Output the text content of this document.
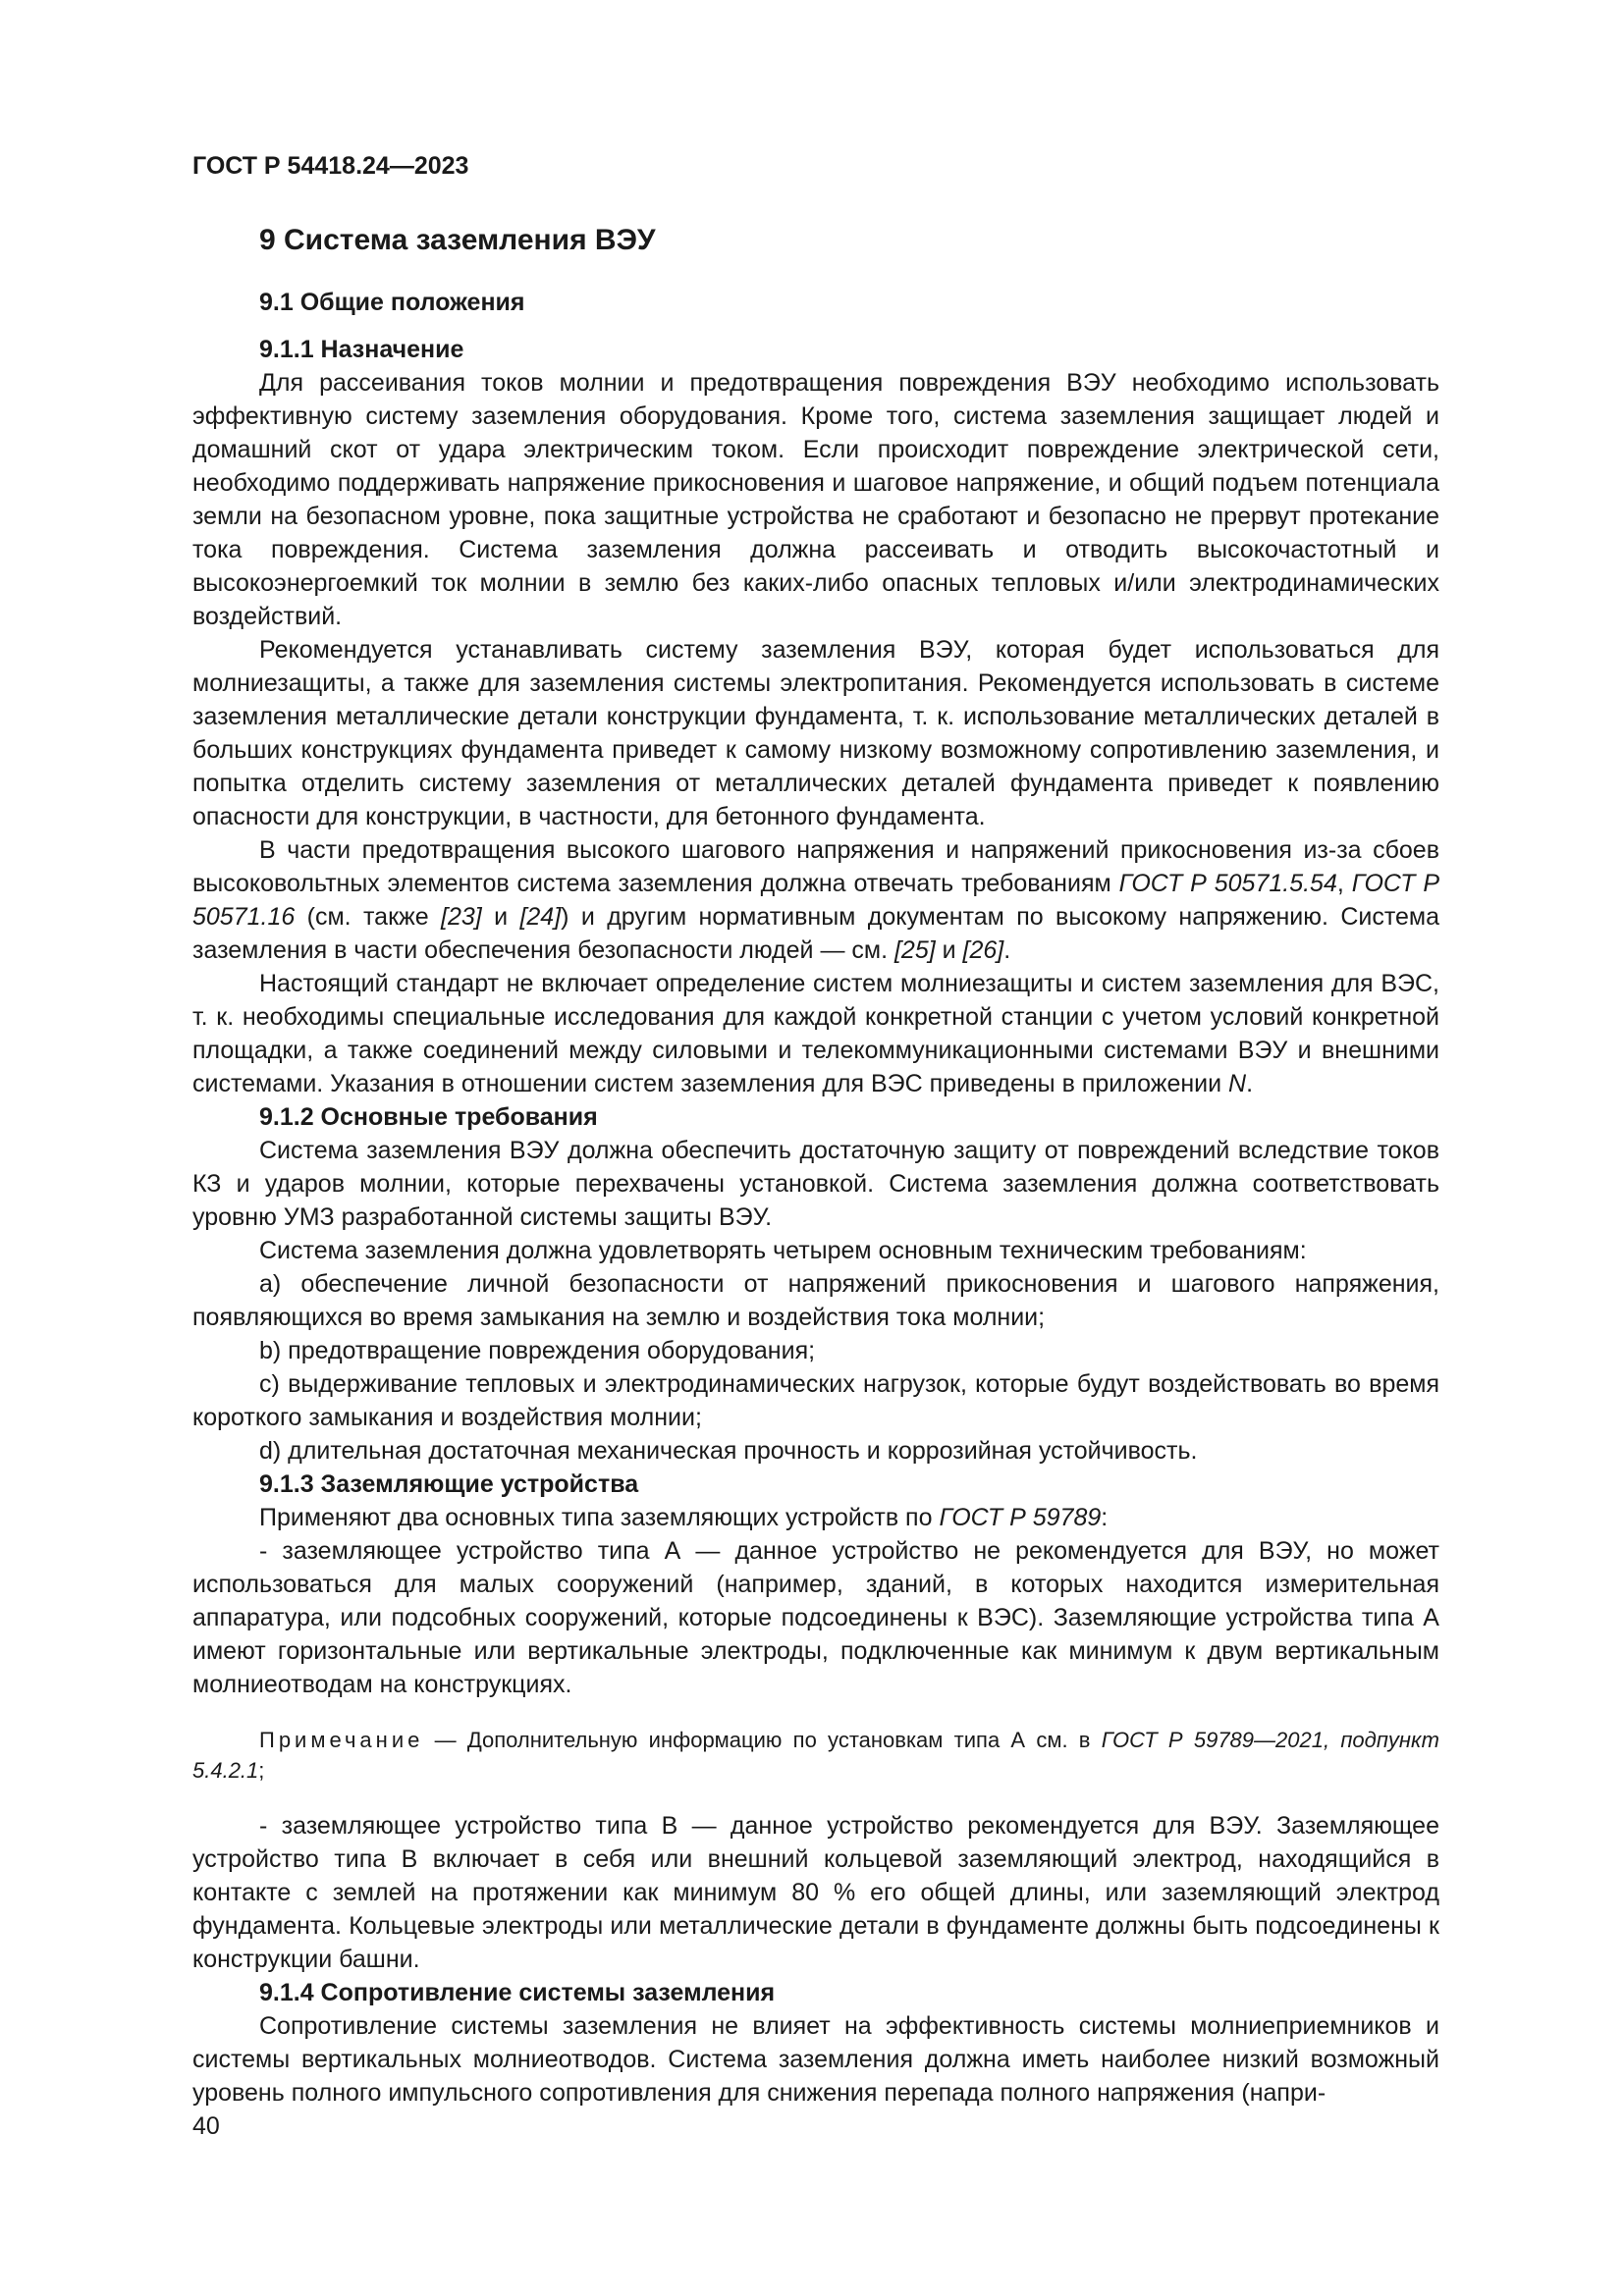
ГОСТ Р 54418.24—2023
9 Система заземления ВЭУ
9.1 Общие положения
9.1.1 Назначение

Для рассеивания токов молнии и предотвращения повреждения ВЭУ необходимо использовать эффективную систему заземления оборудования. Кроме того, система заземления защищает людей и домашний скот от удара электрическим током. Если происходит повреждение электрической сети, необходимо поддерживать напряжение прикосновения и шаговое напряжение, и общий подъем потенциала земли на безопасном уровне, пока защитные устройства не сработают и безопасно не прервут протекание тока повреждения. Система заземления должна рассеивать и отводить высокочастотный и высокоэнергоемкий ток молнии в землю без каких-либо опасных тепловых и/или электродинамических воздействий.

Рекомендуется устанавливать систему заземления ВЭУ, которая будет использоваться для молниезащиты, а также для заземления системы электропитания. Рекомендуется использовать в системе заземления металлические детали конструкции фундамента, т. к. использование металлических деталей в больших конструкциях фундамента приведет к самому низкому возможному сопротивлению заземления, и попытка отделить систему заземления от металлических деталей фундамента приведет к появлению опасности для конструкции, в частности, для бетонного фундамента.

В части предотвращения высокого шагового напряжения и напряжений прикосновения из-за сбоев высоковольтных элементов система заземления должна отвечать требованиям ГОСТ Р 50571.5.54, ГОСТ Р 50571.16 (см. также [23] и [24]) и другим нормативным документам по высокому напряжению. Система заземления в части обеспечения безопасности людей — см. [25] и [26].

Настоящий стандарт не включает определение систем молниезащиты и систем заземления для ВЭС, т. к. необходимы специальные исследования для каждой конкретной станции с учетом условий конкретной площадки, а также соединений между силовыми и телекоммуникационными системами ВЭУ и внешними системами. Указания в отношении систем заземления для ВЭС приведены в приложении N.

9.1.2 Основные требования

Система заземления ВЭУ должна обеспечить достаточную защиту от повреждений вследствие токов КЗ и ударов молнии, которые перехвачены установкой. Система заземления должна соответствовать уровню УМЗ разработанной системы защиты ВЭУ.

Система заземления должна удовлетворять четырем основным техническим требованиям:

а) обеспечение личной безопасности от напряжений прикосновения и шагового напряжения, появляющихся во время замыкания на землю и воздействия тока молнии;

b) предотвращение повреждения оборудования;

с) выдерживание тепловых и электродинамических нагрузок, которые будут воздействовать во время короткого замыкания и воздействия молнии;

d) длительная достаточная механическая прочность и коррозийная устойчивость.

9.1.3 Заземляющие устройства

Применяют два основных типа заземляющих устройств по ГОСТ Р 59789:

- заземляющее устройство типа А — данное устройство не рекомендуется для ВЭУ, но может использоваться для малых сооружений (например, зданий, в которых находится измерительная аппаратура, или подсобных сооружений, которые подсоединены к ВЭС). Заземляющие устройства типа А имеют горизонтальные или вертикальные электроды, подключенные как минимум к двум вертикальным молниеотводам на конструкциях.

Примечание — Дополнительную информацию по установкам типа А см. в ГОСТ Р 59789—2021, подпункт 5.4.2.1;

- заземляющее устройство типа В — данное устройство рекомендуется для ВЭУ. Заземляющее устройство типа В включает в себя или внешний кольцевой заземляющий электрод, находящийся в контакте с землей на протяжении как минимум 80 % его общей длины, или заземляющий электрод фундамента. Кольцевые электроды или металлические детали в фундаменте должны быть подсоединены к конструкции башни.

9.1.4 Сопротивление системы заземления

Сопротивление системы заземления не влияет на эффективность системы молниеприемников и системы вертикальных молниеотводов. Система заземления должна иметь наиболее низкий возможный уровень полного импульсного сопротивления для снижения перепада полного напряжения (напри-

40
